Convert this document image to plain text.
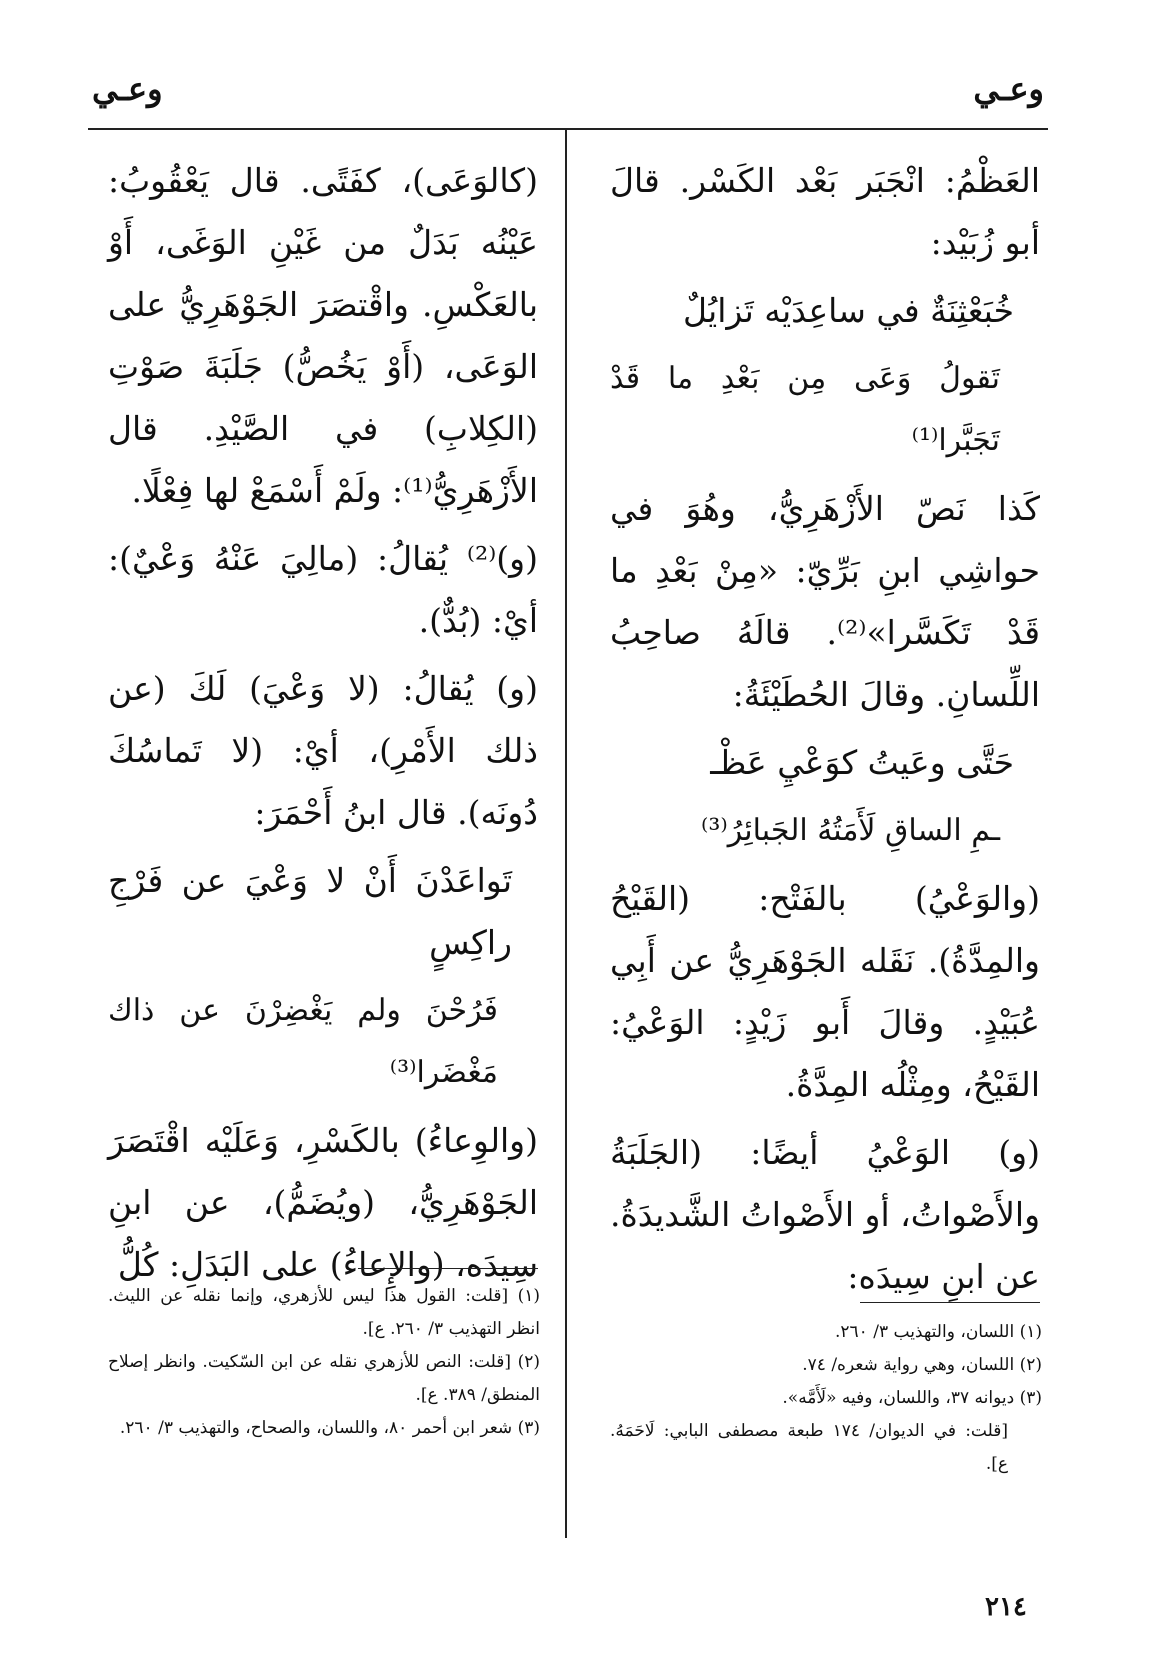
وعـي
وعـي

العَظْمُ: انْجَبَر بَعْد الكَسْر. قالَ أبو زُبَيْد:

خُبَعْثِنَةٌ في ساعِدَيْه تَزايُلٌ

تَقولُ وَعَى مِن بَعْدِ ما قَدْ تَجَبَّرا⁽¹⁾

كَذا نَصّ الأَزْهَرِيُّ، وهُوَ في حواشِي ابنِ بَرِّيّ: «مِنْ بَعْدِ ما قَدْ تَكَسَّرا»⁽²⁾. قالَهُ صاحِبُ اللِّسانِ. وقالَ الحُطَيْئَةُ:

حَتَّى وعَيتُ كوَعْيِ عَظْـ

ـمِ الساقِ لَأَمَتُهُ الجَبائِرُ⁽³⁾

(والوَعْيُ) بالفَتْح: (القَيْحُ والمِدَّةُ). نَقَله الجَوْهَرِيُّ عن أَبِي عُبَيْدٍ. وقالَ أَبو زَيْدٍ: الوَعْيُ: القَيْحُ، ومِثْلُه المِدَّةُ.

(و) الوَعْيُ أيضًا: (الجَلَبَةُ والأَصْواتُ، أو الأَصْواتُ الشَّديدَةُ. عن ابنِ سِيدَه:

(كالوَعَى)، كفَتًى. قال يَعْقُوبُ: عَيْنُه بَدَلٌ من غَيْنِ الوَغَى، أَوْ بالعَكْسِ. واقْتصَرَ الجَوْهَرِيُّ على الوَعَى، (أَوْ يَخُصُّ) جَلَبَةَ صَوْتِ (الكِلابِ) في الصَّيْدِ. قال الأَزْهَرِيُّ⁽¹⁾: ولَمْ أَسْمَعْ لها فِعْلًا.

(و)⁽²⁾ يُقالُ: (مالِيَ عَنْهُ وَعْيٌ): أيْ: (بُدٌّ).

(و) يُقالُ: (لا وَعْيَ) لَكَ (عن ذلك الأَمْرِ)، أيْ: (لا تَماسُكَ دُونَه). قال ابنُ أَحْمَرَ:

تَواعَدْنَ أَنْ لا وَعْيَ عن فَرْجِ راكِسٍ

فَرُحْنَ ولم يَغْضِرْنَ عن ذاك مَغْضَرا⁽³⁾

(والوِعاءُ) بالكَسْرِ، وَعَلَيْه اقْتَصَرَ الجَوْهَرِيُّ، (ويُضَمُّ)، عن ابنِ سِيدَه، (والإِعاءُ) على البَدَلِ: كُلُّ

(١) اللسان، والتهذيب ٣/ ٢٦٠.

(٢) اللسان، وهي رواية شعره/ ٧٤.

(٣) ديوانه ٣٧، واللسان، وفيه «لَأَمَّه».

[قلت: في الديوان/ ١٧٤ طبعة مصطفى البابي: لَاحَمَهُ. ع].

(١) [قلت: القول هذا ليس للأزهري، وإنما نقله عن الليث. انظر التهذيب ٣/ ٢٦٠. ع].

(٢) [قلت: النص للأزهري نقله عن ابن السّكيت. وانظر إصلاح المنطق/ ٣٨٩. ع].

(٣) شعر ابن أحمر ٨٠، واللسان، والصحاح، والتهذيب ٣/ ٢٦٠.

٢١٤
